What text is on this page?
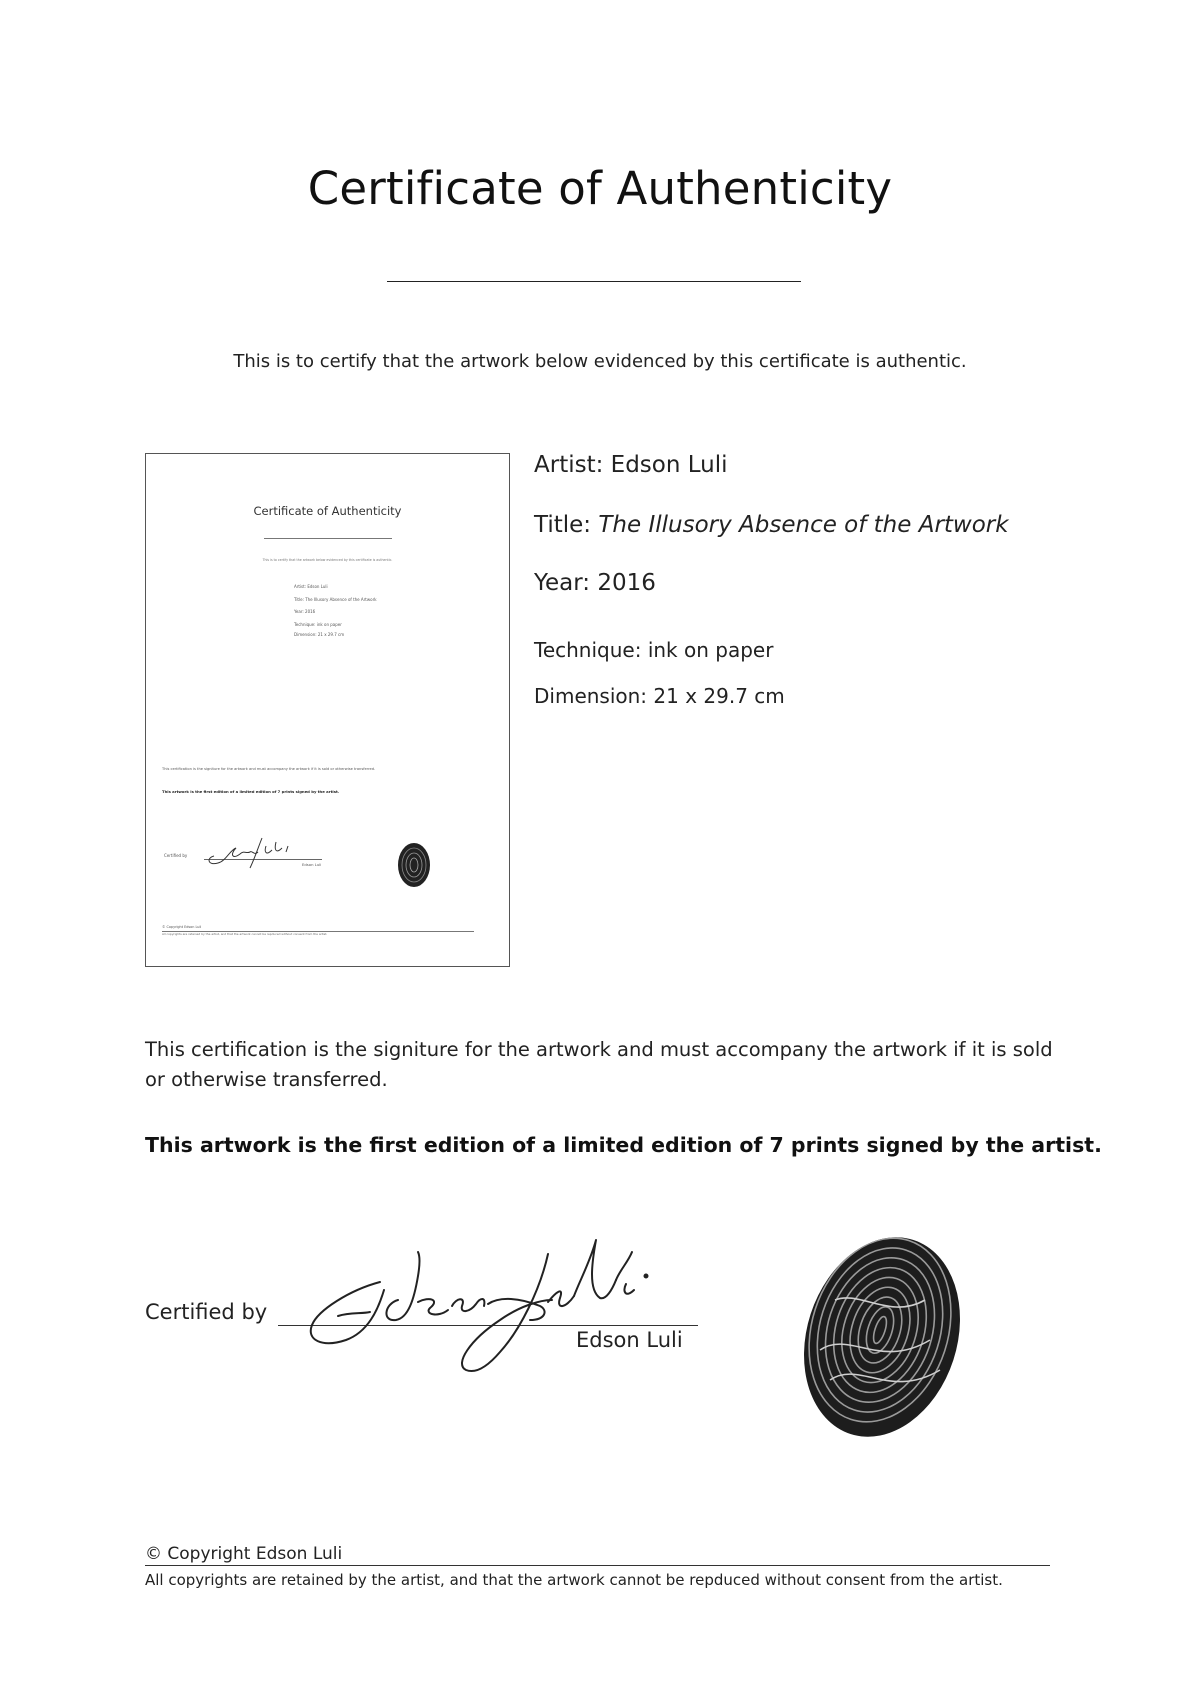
Certificate of Authenticity
This is to certify that the artwork below evidenced by this certificate is authentic.
Certificate of Authenticity
This is to certify that the artwork below evidenced by this certificate is authentic.
Artist: Edson Luli
Title: The Illusory Absence of the Artwork
Year: 2016
Technique: ink on paper
Dimension: 21 x 29.7 cm
This certification is the signiture for the artwork and must accompany the artwork if it is sold or otherwise transferred.
This artwork is the first edition of a limited edition of 7 prints signed by the artist.
Certified by
Edson Luli
© Copyright Edson Luli
All copyrights are retained by the artist, and that the artwork cannot be repduced without consent from the artist.
Artist: Edson Luli
Title: The Illusory Absence of the Artwork
Year: 2016
Technique: ink on paper
Dimension: 21 x 29.7 cm
This certification is the signiture for the artwork and must accompany the artwork if it is sold or otherwise transferred.
This artwork is the first edition of a limited edition of 7 prints signed by the artist.
Certified by
Edson Luli
© Copyright Edson Luli
All copyrights are retained by the artist, and that the artwork cannot be repduced without consent from the artist.
